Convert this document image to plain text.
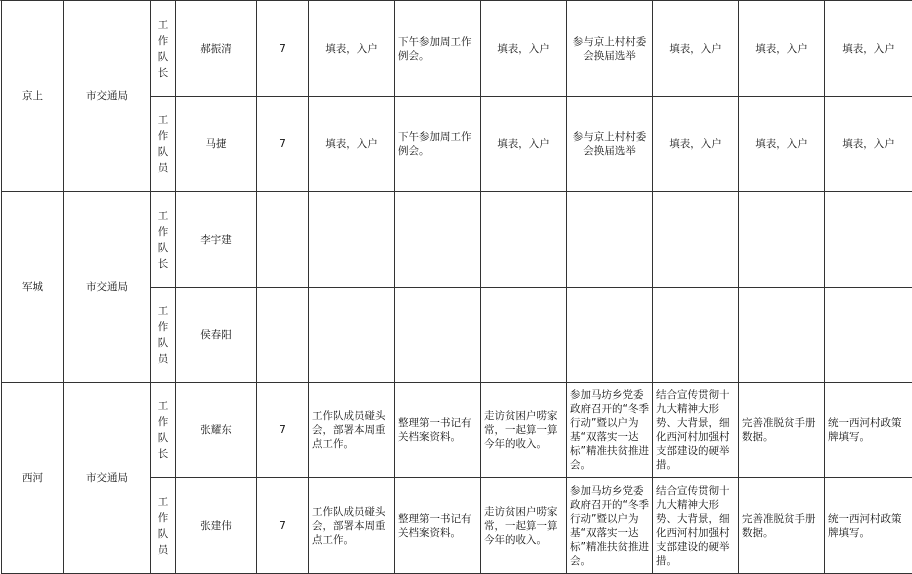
京上	市交通局	工
作
队
长	郝振清	7	填表，入户	下午参加周工作例会。	填表，入户	参与京上村村委会换届选举	填表，入户	填表，入户	填表，入户

		工
作
队
员	马捷	7	填表，入户	下午参加周工作例会。	填表，入户	参与京上村村委会换届选举	填表，入户	填表，入户	填表，入户
军城	市交通局	工
作
队
长	李宇建								

		工
作
队
员	侯春阳								
西河	市交通局	工
作
队
长	张耀东	7	工作队成员碰头会，部署本周重点工作。	整理第一书记有关档案资料。	走访贫困户唠家常，一起算一算今年的收入。	参加马坊乡党委政府召开的“冬季行动”暨以户为基“双落实一达标”精准扶贫推进会。	结合宣传贯彻十九大精神大形势、大背景，细化西河村加强村支部建设的硬举措。	完善准脱贫手册数据。	统一西河村政策牌填写。

		工
作
队
员	张建伟	7	工作队成员碰头会，部署本周重点工作。	整理第一书记有关档案资料。	走访贫困户唠家常，一起算一算今年的收入。	参加马坊乡党委政府召开的“冬季行动”暨以户为基“双落实一达标”精准扶贫推进会。	结合宣传贯彻十九大精神大形势、大背景，细化西河村加强村支部建设的硬举措。	完善准脱贫手册数据。	统一西河村政策牌填写。
